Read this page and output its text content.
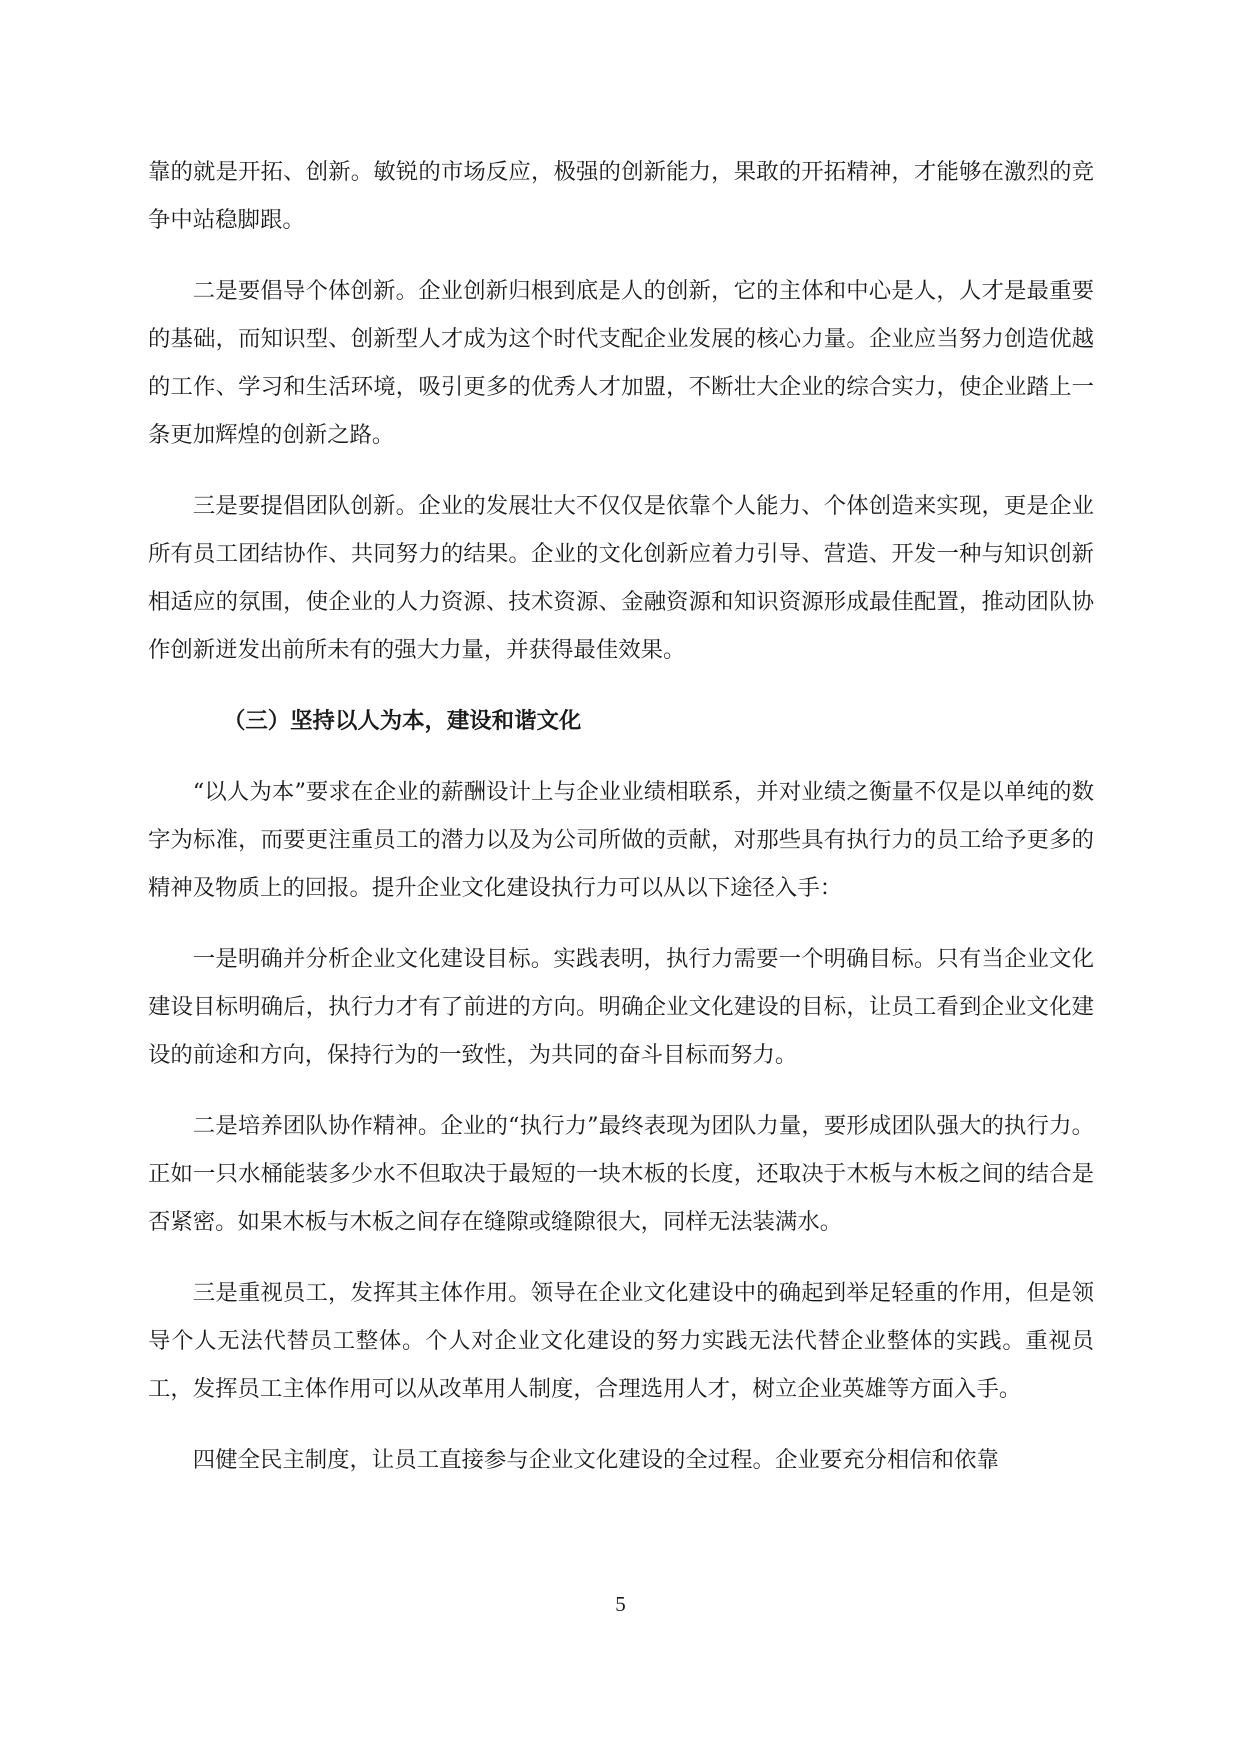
靠的就是开拓、创新。敏锐的市场反应，极强的创新能力，果敢的开拓精神，才能够在激烈的竞争中站稳脚跟。

二是要倡导个体创新。企业创新归根到底是人的创新，它的主体和中心是人，人才是最重要的基础，而知识型、创新型人才成为这个时代支配企业发展的核心力量。企业应当努力创造优越的工作、学习和生活环境，吸引更多的优秀人才加盟，不断壮大企业的综合实力，使企业踏上一条更加辉煌的创新之路。

三是要提倡团队创新。企业的发展壮大不仅仅是依靠个人能力、个体创造来实现，更是企业所有员工团结协作、共同努力的结果。企业的文化创新应着力引导、营造、开发一种与知识创新相适应的氛围，使企业的人力资源、技术资源、金融资源和知识资源形成最佳配置，推动团队协作创新迸发出前所未有的强大力量，并获得最佳效果。

（三）坚持以人为本，建设和谐文化

“以人为本”要求在企业的薪酬设计上与企业业绩相联系，并对业绩之衡量不仅是以单纯的数字为标准，而要更注重员工的潜力以及为公司所做的贡献，对那些具有执行力的员工给予更多的精神及物质上的回报。提升企业文化建设执行力可以从以下途径入手：

一是明确并分析企业文化建设目标。实践表明，执行力需要一个明确目标。只有当企业文化建设目标明确后，执行力才有了前进的方向。明确企业文化建设的目标，让员工看到企业文化建设的前途和方向，保持行为的一致性，为共同的奋斗目标而努力。

二是培养团队协作精神。企业的“执行力”最终表现为团队力量，要形成团队强大的执行力。正如一只水桶能装多少水不但取决于最短的一块木板的长度，还取决于木板与木板之间的结合是否紧密。如果木板与木板之间存在缝隙或缝隙很大，同样无法装满水。

三是重视员工，发挥其主体作用。领导在企业文化建设中的确起到举足轻重的作用，但是领导个人无法代替员工整体。个人对企业文化建设的努力实践无法代替企业整体的实践。重视员工，发挥员工主体作用可以从改革用人制度，合理选用人才，树立企业英雄等方面入手。

四健全民主制度，让员工直接参与企业文化建设的全过程。企业要充分相信和依靠

5
